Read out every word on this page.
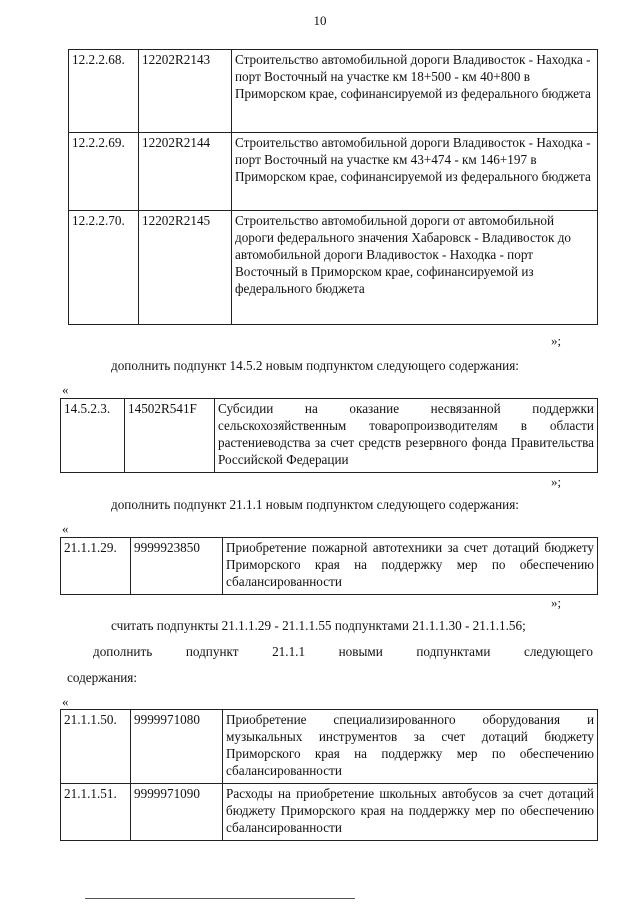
10
12.2.2.68.	12202R2143	Строительство автомобильной дороги Владивосток - Находка - порт Восточный на участке км 18+500 - км 40+800 в Приморском крае, софинансируемой из федерального бюджета
12.2.2.69.	12202R2144	Строительство автомобильной дороги Владивосток - Находка - порт Восточный на участке км 43+474 - км 146+197 в Приморском крае, софинансируемой из федерального бюджета
12.2.2.70.	12202R2145	Строительство автомобильной дороги от автомобильной дороги федерального значения Хабаровск - Владивосток до автомобильной дороги Владивосток - Находка - порт Восточный в Приморском крае, софинансируемой из федерального бюджета
»;
дополнить подпункт 14.5.2 новым подпунктом следующего содержания:
«
14.5.2.3.	14502R541F	Субсидии на оказание несвязанной поддержки сельскохозяйственным товаропроизводителям в области растениеводства за счет средств резервного фонда Правительства Российской Федерации
»;
дополнить подпункт 21.1.1 новым подпунктом следующего содержания:
«
21.1.1.29.	9999923850	Приобретение пожарной автотехники за счет дотаций бюджету Приморского края на поддержку мер по обеспечению сбалансированности
»;
считать подпункты 21.1.1.29 - 21.1.1.55 подпунктами 21.1.1.30 - 21.1.1.56;
дополнить	подпункт	21.1.1	новыми	подпунктами	следующего
содержания:
«
21.1.1.50.	9999971080	Приобретение специализированного оборудования и музыкальных инструментов за счет дотаций бюджету Приморского края на поддержку мер по обеспечению сбалансированности
21.1.1.51.	9999971090	Расходы на приобретение школьных автобусов за счет дотаций бюджету Приморского края на поддержку мер по обеспечению сбалансированности
